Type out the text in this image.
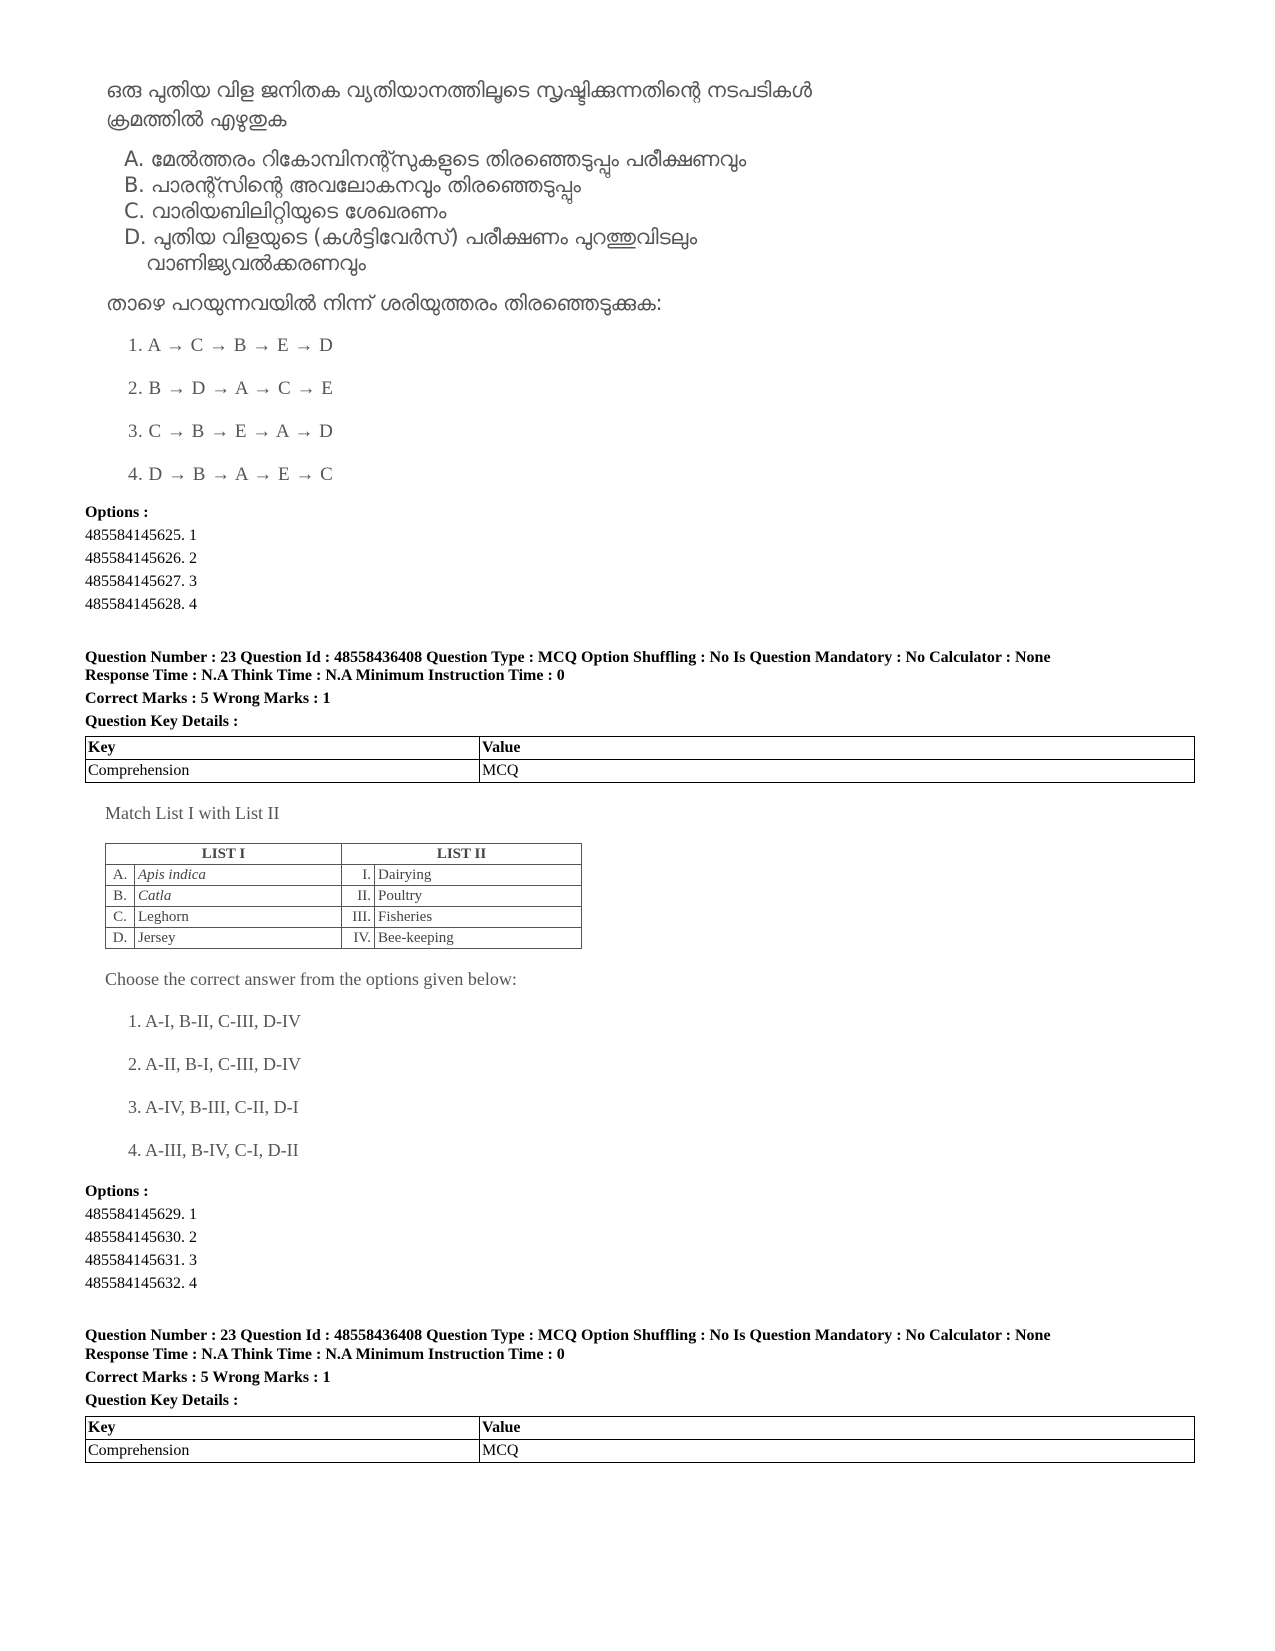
ഒരു പുതിയ വിള ജനിതക വ്യതിയാനത്തിലൂടെ സൃഷ്ടിക്കുന്നതിന്റെ നടപടികൾ
ക്രമത്തിൽ എഴുതുക
A. മേൽത്തരം റികോമ്പിനന്റ്സുകളുടെ തിരഞ്ഞെടുപ്പും പരീക്ഷണവും
B. പാരന്റ്സിന്റെ അവലോകനവും തിരഞ്ഞെടുപ്പും
C. വാരിയബിലിറ്റിയുടെ ശേഖരണം
D. പുതിയ വിളയുടെ (കൾട്ടിവേർസ്) പരീക്ഷണം പുറത്തുവിടലും
വാണിജ്യവൽക്കരണവും
താഴെ പറയുന്നവയിൽ നിന്ന് ശരിയുത്തരം തിരഞ്ഞെടുക്കുക:
1. A → C → B → E → D
2. B → D → A → C → E
3. C → B → E → A → D
4. D → B → A → E → C
Options :
485584145625. 1
485584145626. 2
485584145627. 3
485584145628. 4
Question Number : 23 Question Id : 48558436408 Question Type : MCQ Option Shuffling : No Is Question Mandatory : No Calculator : None
Response Time : N.A Think Time : N.A Minimum Instruction Time : 0
Correct Marks : 5 Wrong Marks : 1
Question Key Details :
Key	Value
Comprehension	MCQ
Match List I with List II
LIST I		LIST II	
A.	Apis indica	I.	Dairying
B.	Catla	II.	Poultry
C.	Leghorn	III.	Fisheries
D.	Jersey	IV.	Bee-keeping
Choose the correct answer from the options given below:
1. A-I, B-II, C-III, D-IV
2. A-II, B-I, C-III, D-IV
3. A-IV, B-III, C-II, D-I
4. A-III, B-IV, C-I, D-II
Options :
485584145629. 1
485584145630. 2
485584145631. 3
485584145632. 4
Question Number : 23 Question Id : 48558436408 Question Type : MCQ Option Shuffling : No Is Question Mandatory : No Calculator : None
Response Time : N.A Think Time : N.A Minimum Instruction Time : 0
Correct Marks : 5 Wrong Marks : 1
Question Key Details :
Key	Value
Comprehension	MCQ
